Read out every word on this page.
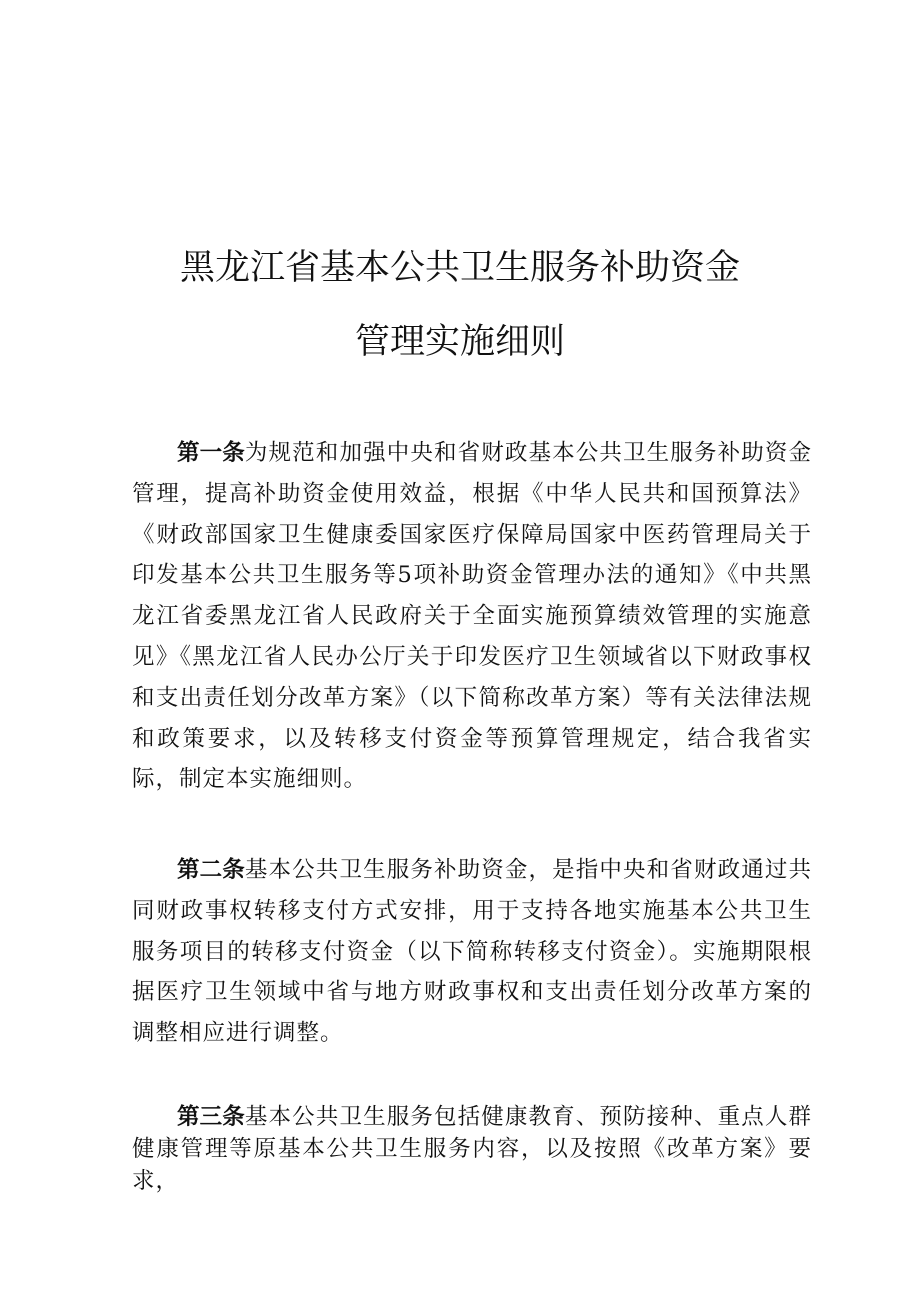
黑龙江省基本公共卫生服务补助资金
管理实施细则

第一条为规范和加强中央和省财政基本公共卫生服务补助资金管理，提高补助资金使用效益，根据《中华人民共和国预算法》《财政部国家卫生健康委国家医疗保障局国家中医药管理局关于印发基本公共卫生服务等5项补助资金管理办法的通知》《中共黑龙江省委黑龙江省人民政府关于全面实施预算绩效管理的实施意见》《黑龙江省人民办公厅关于印发医疗卫生领域省以下财政事权和支出责任划分改革方案》（以下简称改革方案）等有关法律法规和政策要求，以及转移支付资金等预算管理规定，结合我省实际，制定本实施细则。

第二条基本公共卫生服务补助资金，是指中央和省财政通过共同财政事权转移支付方式安排，用于支持各地实施基本公共卫生服务项目的转移支付资金（以下简称转移支付资金）。实施期限根据医疗卫生领域中省与地方财政事权和支出责任划分改革方案的调整相应进行调整。

第三条基本公共卫生服务包括健康教育、预防接种、重点人群健康管理等原基本公共卫生服务内容，以及按照《改革方案》要求，
